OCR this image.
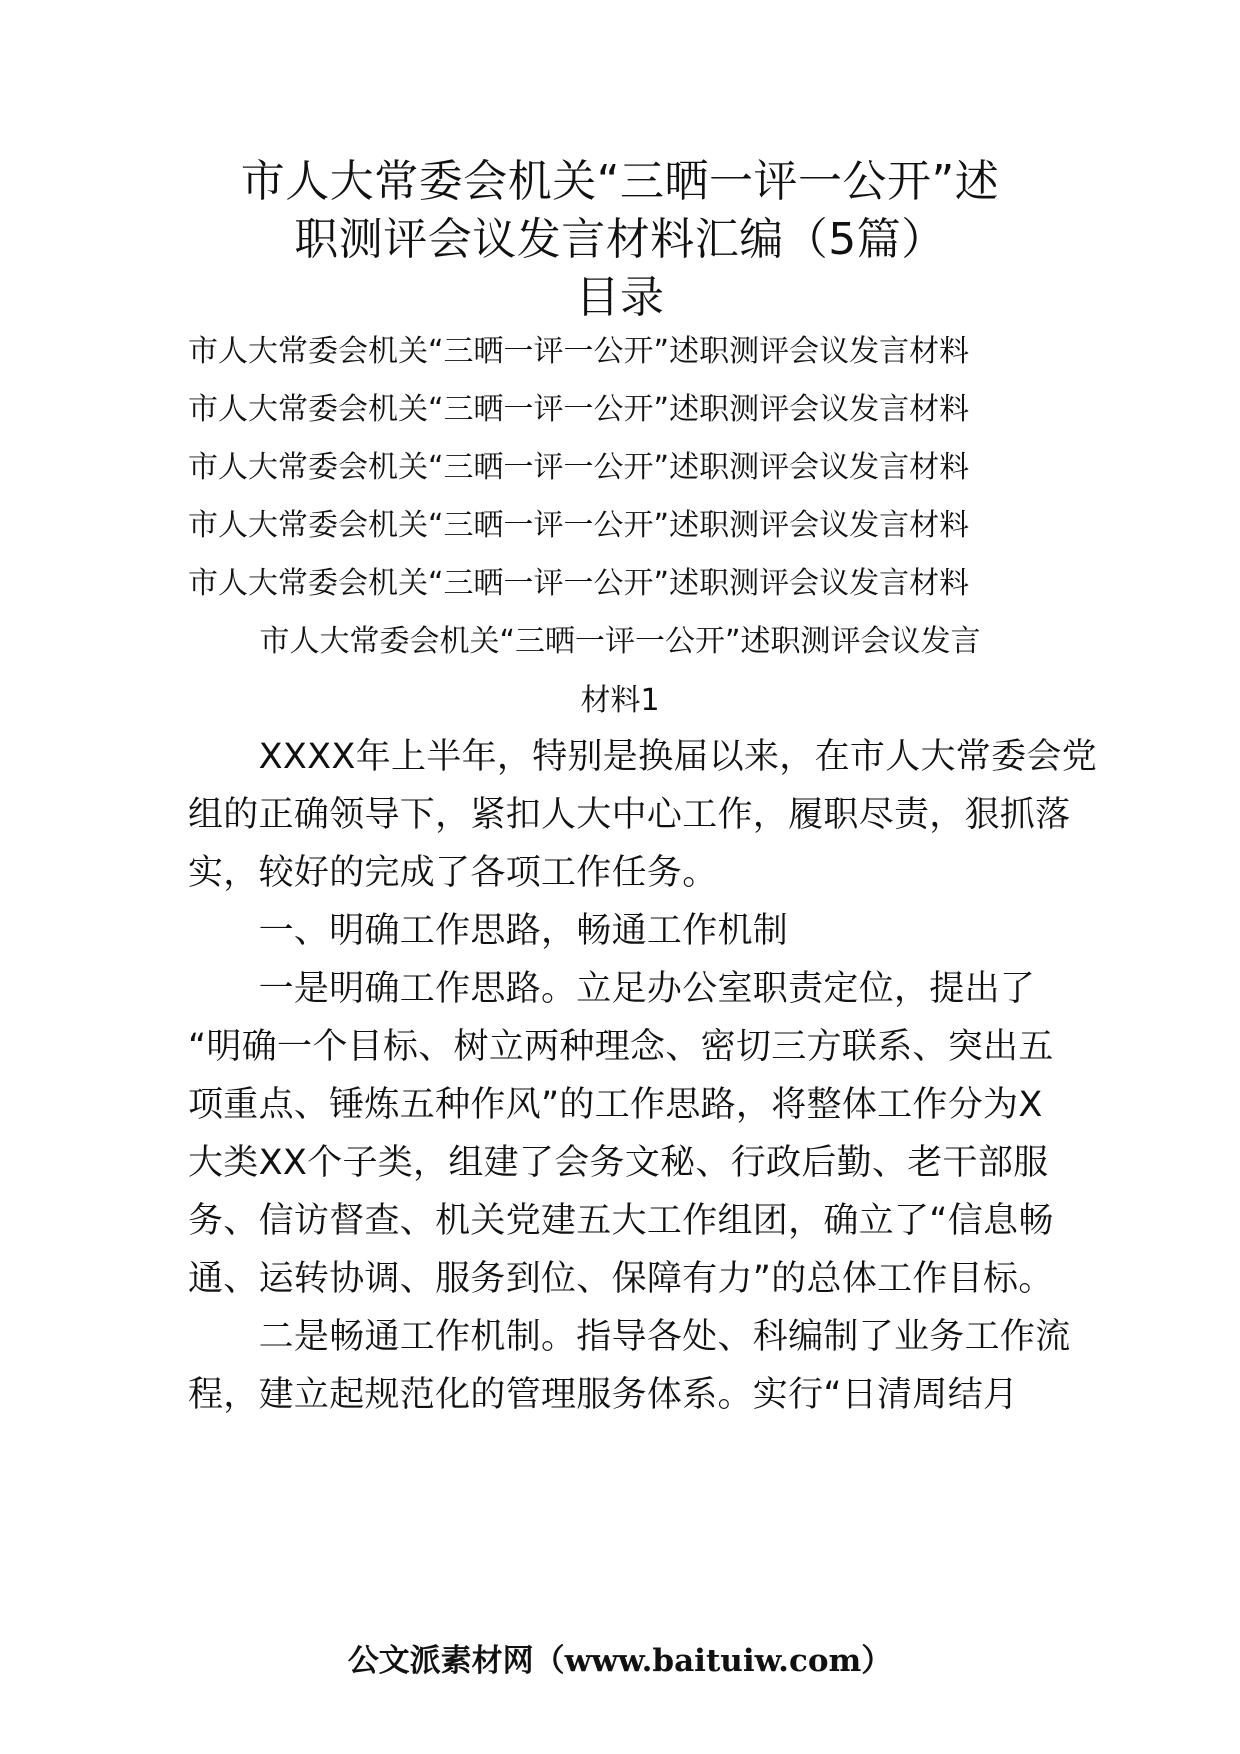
市人大常委会机关“三晒一评一公开”述
职测评会议发言材料汇编（5篇）
目录
市人大常委会机关“三晒一评一公开”述职测评会议发言材料
市人大常委会机关“三晒一评一公开”述职测评会议发言材料
市人大常委会机关“三晒一评一公开”述职测评会议发言材料
市人大常委会机关“三晒一评一公开”述职测评会议发言材料
市人大常委会机关“三晒一评一公开”述职测评会议发言材料
市人大常委会机关“三晒一评一公开”述职测评会议发言
材料1
　　XXXX年上半年，特别是换届以来，在市人大常委会党
组的正确领导下，紧扣人大中心工作，履职尽责，狠抓落
实，较好的完成了各项工作任务。
　　一、明确工作思路，畅通工作机制
　　一是明确工作思路。立足办公室职责定位，提出了
“明确一个目标、树立两种理念、密切三方联系、突出五
项重点、锤炼五种作风”的工作思路，将整体工作分为X
大类XX个子类，组建了会务文秘、行政后勤、老干部服
务、信访督查、机关党建五大工作组团，确立了“信息畅
通、运转协调、服务到位、保障有力”的总体工作目标。
　　二是畅通工作机制。指导各处、科编制了业务工作流
程，建立起规范化的管理服务体系。实行“日清周结月
公文派素材网（www.baituiw.com）
